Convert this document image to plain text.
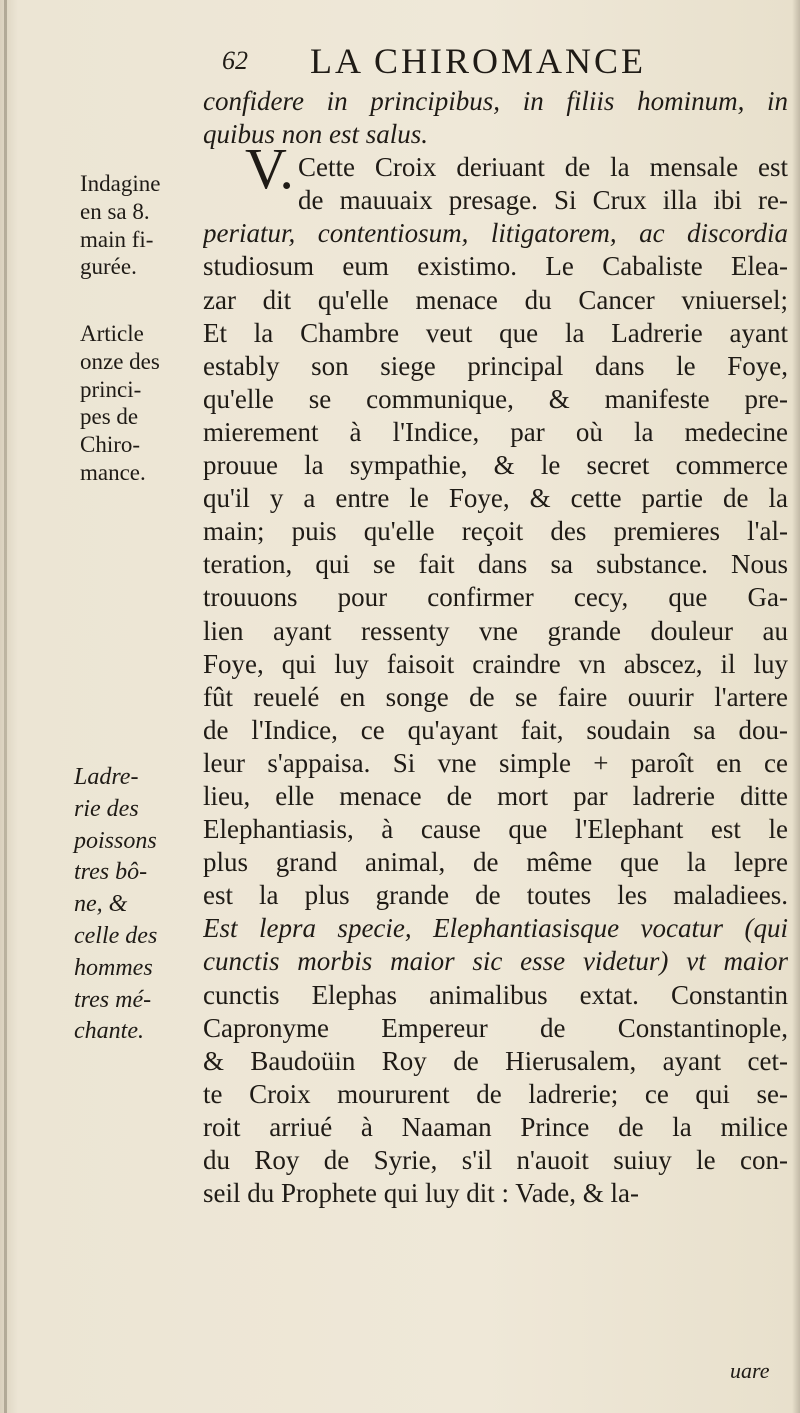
62 LA CHIROMANCE
V.
confidere in principibus, in filiis hominum, in
quibus non est salus.
Cette Croix deriuant de la mensale est
de mauuaix presage. Si Crux illa ibi re-
periatur, contentiosum, litigatorem, ac discordia
studiosum eum existimo. Le Cabaliste Elea-
zar dit qu'elle menace du Cancer vniuersel;
Et la Chambre veut que la Ladrerie ayant
estably son siege principal dans le Foye,
qu'elle se communique, & manifeste pre-
mierement à l'Indice, par où la medecine
prouue la sympathie, & le secret commerce
qu'il y a entre le Foye, & cette partie de la
main; puis qu'elle reçoit des premieres l'al-
teration, qui se fait dans sa substance. Nous
trouuons pour confirmer cecy, que Ga-
lien ayant ressenty vne grande douleur au
Foye, qui luy faisoit craindre vn abscez, il luy
fût reuelé en songe de se faire ouurir l'artere
de l'Indice, ce qu'ayant fait, soudain sa dou-
leur s'appaisa. Si vne simple + paroît en ce
lieu, elle menace de mort par ladrerie ditte
Elephantiasis, à cause que l'Elephant est le
plus grand animal, de même que la lepre
est la plus grande de toutes les maladiees.
Est lepra specie, Elephantiasisque vocatur (qui
cunctis morbis maior sic esse videtur) vt maior
cunctis Elephas animalibus extat. Constantin
Capronyme Empereur de Constantinople,
& Baudoüin Roy de Hierusalem, ayant cet-
te Croix moururent de ladrerie; ce qui se-
roit arriué à Naaman Prince de la milice
du Roy de Syrie, s'il n'auoit suiuy le con-
seil du Prophete qui luy dit : Vade, & la-
Indagine
en sa 8.
main fi-
gurée.
Article
onze des
princi-
pes de
Chiro-
mance.
Ladre-
rie des
poissons
tres bô-
ne, &
celle des
hommes
tres mé-
chante.
uare
